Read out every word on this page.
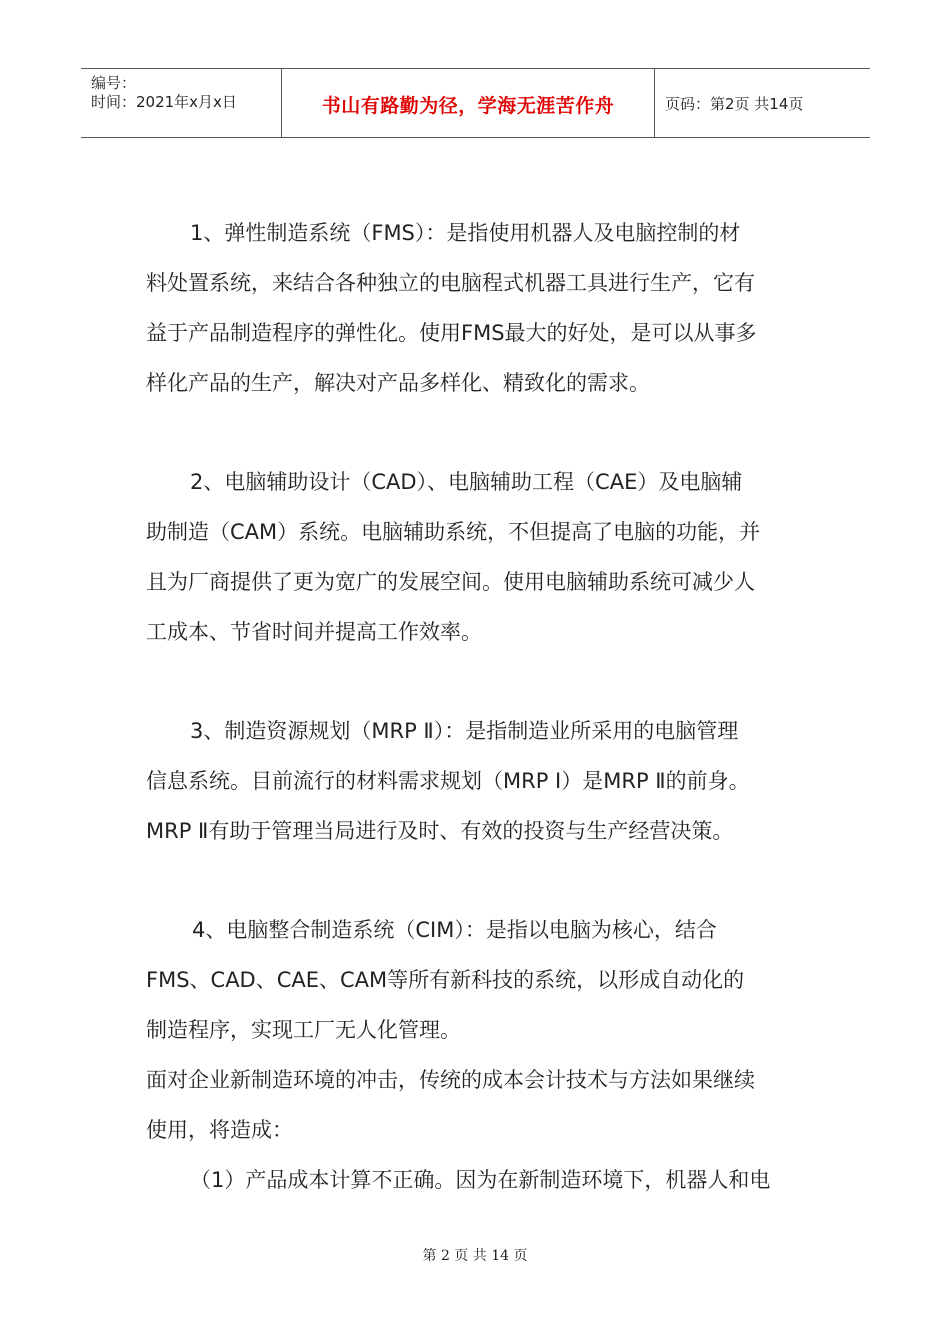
编号：
时间：2021年x月x日	书山有路勤为径，学海无涯苦作舟	页码：第2页 共14页

1、弹性制造系统（FMS）：是指使用机器人及电脑控制的材

料处置系统，来结合各种独立的电脑程式机器工具进行生产，它有

益于产品制造程序的弹性化。使用FMS最大的好处，是可以从事多

样化产品的生产，解决对产品多样化、精致化的需求。

2、电脑辅助设计（CAD）、电脑辅助工程（CAE）及电脑辅

助制造（CAM）系统。电脑辅助系统，不但提高了电脑的功能，并

且为厂商提供了更为宽广的发展空间。使用电脑辅助系统可减少人

工成本、节省时间并提高工作效率。

3、制造资源规划（MRP Ⅱ）：是指制造业所采用的电脑管理

信息系统。目前流行的材料需求规划（MRP I）是MRP Ⅱ的前身。

MRP Ⅱ有助于管理当局进行及时、有效的投资与生产经营决策。

4、电脑整合制造系统（CIM）：是指以电脑为核心，结合

FMS、CAD、CAE、CAM等所有新科技的系统，以形成自动化的

制造程序，实现工厂无人化管理。

面对企业新制造环境的冲击，传统的成本会计技术与方法如果继续

使用，将造成：

（1）产品成本计算不正确。因为在新制造环境下，机器人和电

第 2 页 共 14 页
